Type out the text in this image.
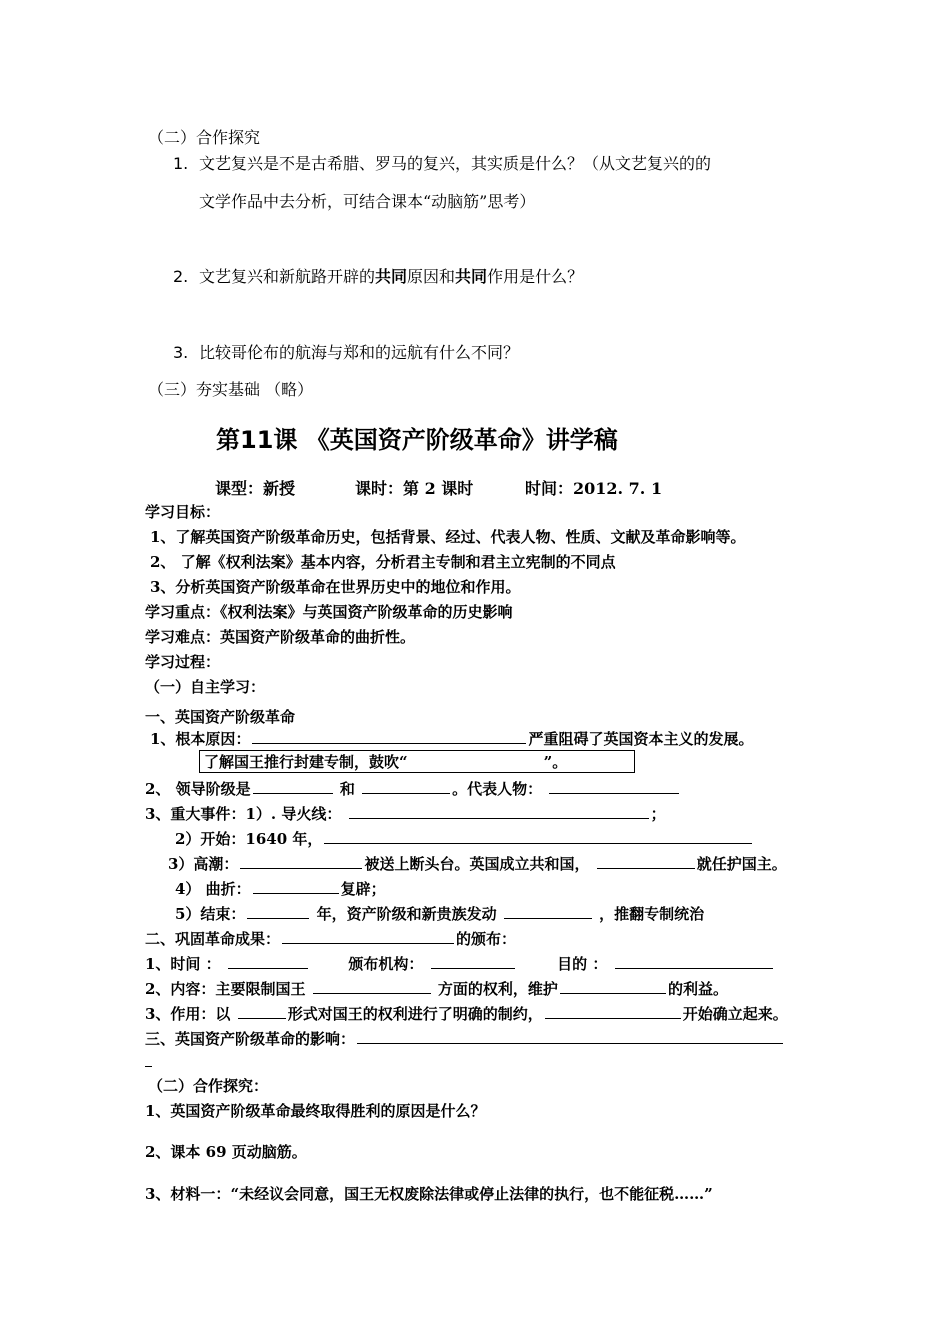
（二）合作探究
1. 文艺复兴是不是古希腊、罗马的复兴，其实质是什么？（从文艺复兴的的
文学作品中去分析，可结合课本“动脑筋”思考）
2. 文艺复兴和新航路开辟的共同原因和共同作用是什么？
3. 比较哥伦布的航海与郑和的远航有什么不同？
（三）夯实基础 （略）
第11课 《英国资产阶级革命》讲学稿
课型：新授	课时：第 2 课时	时间：2012. 7. 1
学习目标：
1、了解英国资产阶级革命历史，包括背景、经过、代表人物、性质、文献及革命影响等。
2、 了解《权利法案》基本内容，分析君主专制和君主立宪制的不同点
3、分析英国资产阶级革命在世界历史中的地位和作用。
学习重点：《权利法案》与英国资产阶级革命的历史影响
学习难点：英国资产阶级革命的曲折性。
学习过程：
（一）自主学习：
一、英国资产阶级革命
1、根本原因：	严重阻碍了英国资本主义的发展。
了解国王推行封建专制，鼓吹“	”。
2、 领导阶级是	和	。代表人物：
3、重大事件：1）. 导火线：	；
2）开始：1640 年，
3）高潮：	被送上断头台。英国成立共和国，	就任护国主。
4） 曲折：	复辟；
5）结束：	年，资产阶级和新贵族发动	，推翻专制统治
二、巩固革命成果：	的颁布：
1、时间 ：	颁布机构：	目的 ：
2、内容：主要限制国王	方面的权利，维护	的利益。
3、作用：以	形式对国王的权利进行了明确的制约，	开始确立起来。
三、英国资产阶级革命的影响：
（二）合作探究：
1、英国资产阶级革命最终取得胜利的原因是什么？
2、课本 69 页动脑筋。
3、材料一：“未经议会同意，国王无权废除法律或停止法律的执行，也不能征税……”
